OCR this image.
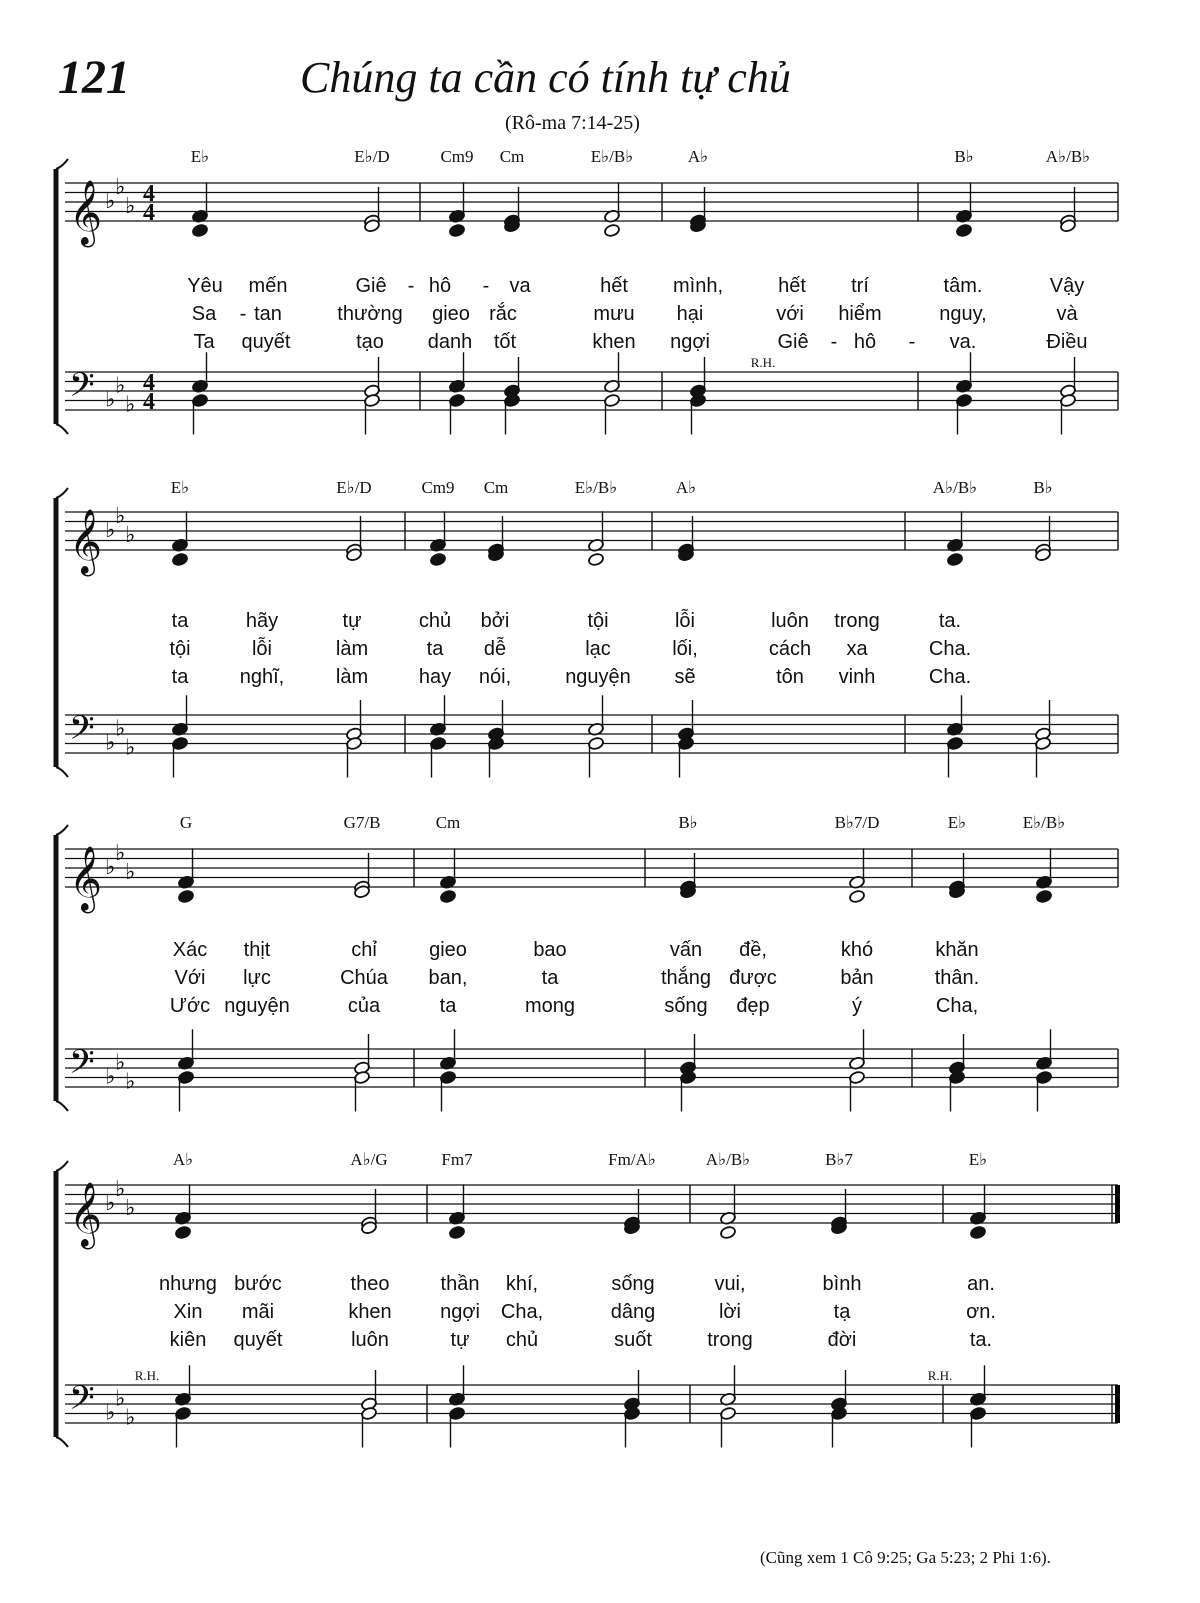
121	Chúng ta cần có tính tự chủ
(Rô-ma 7:14-25)
𝄞
𝄢
♭
♭
♭
♭
♭
♭
4
4
4
4
E♭	E♭/D	Cm9 Cm	E♭/B♭	A♭	B♭	A♭/B♭
Yêu mến	Giê - hô - va	hết mình,	hết trí	tâm.	Vậy
Sa - tan	thường gieo rắc	mưu hại	với hiểm	nguy,	và
Ta quyết	tạo danh tốt	khen ngợi	Giê - hô - va.	Điều
R.H.
𝄞
𝄢
♭
♭
♭
♭
♭
♭
E♭	E♭/D	Cm9 Cm	E♭/B♭	A♭	A♭/B♭	B♭
ta	hãy	tự	chủ bởi	tội	lỗi	luôn trong	ta.
tội	lỗi	làm	ta dễ	lạc	lối,	cách xa	Cha.
ta	nghĩ,	làm	hay nói,	nguyện sẽ	tôn vinh	Cha.
𝄞
𝄢
♭
♭
♭
♭
♭
♭
G	G7/B	Cm	B♭	B♭7/D	E♭	E♭/B♭
Xác thịt	chỉ	gieo	bao	vấn đề,	khó	khăn
Với lực	Chúa ban,	ta	thắng được	bản	thân.
Ước nguyện	của	ta	mong	sống đẹp	ý	Cha,
𝄞
𝄢
♭
♭
♭
♭
♭
♭
A♭	A♭/G	Fm7	Fm/A♭	A♭/B♭	B♭7	E♭
nhưng bước	theo	thần khí,	sống	vui,	bình	an.
Xin mãi	khen ngợi Cha,	dâng	lời	tạ	ơn.
kiên quyết	luôn	tự chủ	suốt	trong	đời	ta.
R.H.	R.H.
(Cũng xem 1 Cô 9:25; Ga 5:23; 2 Phi 1:6).
